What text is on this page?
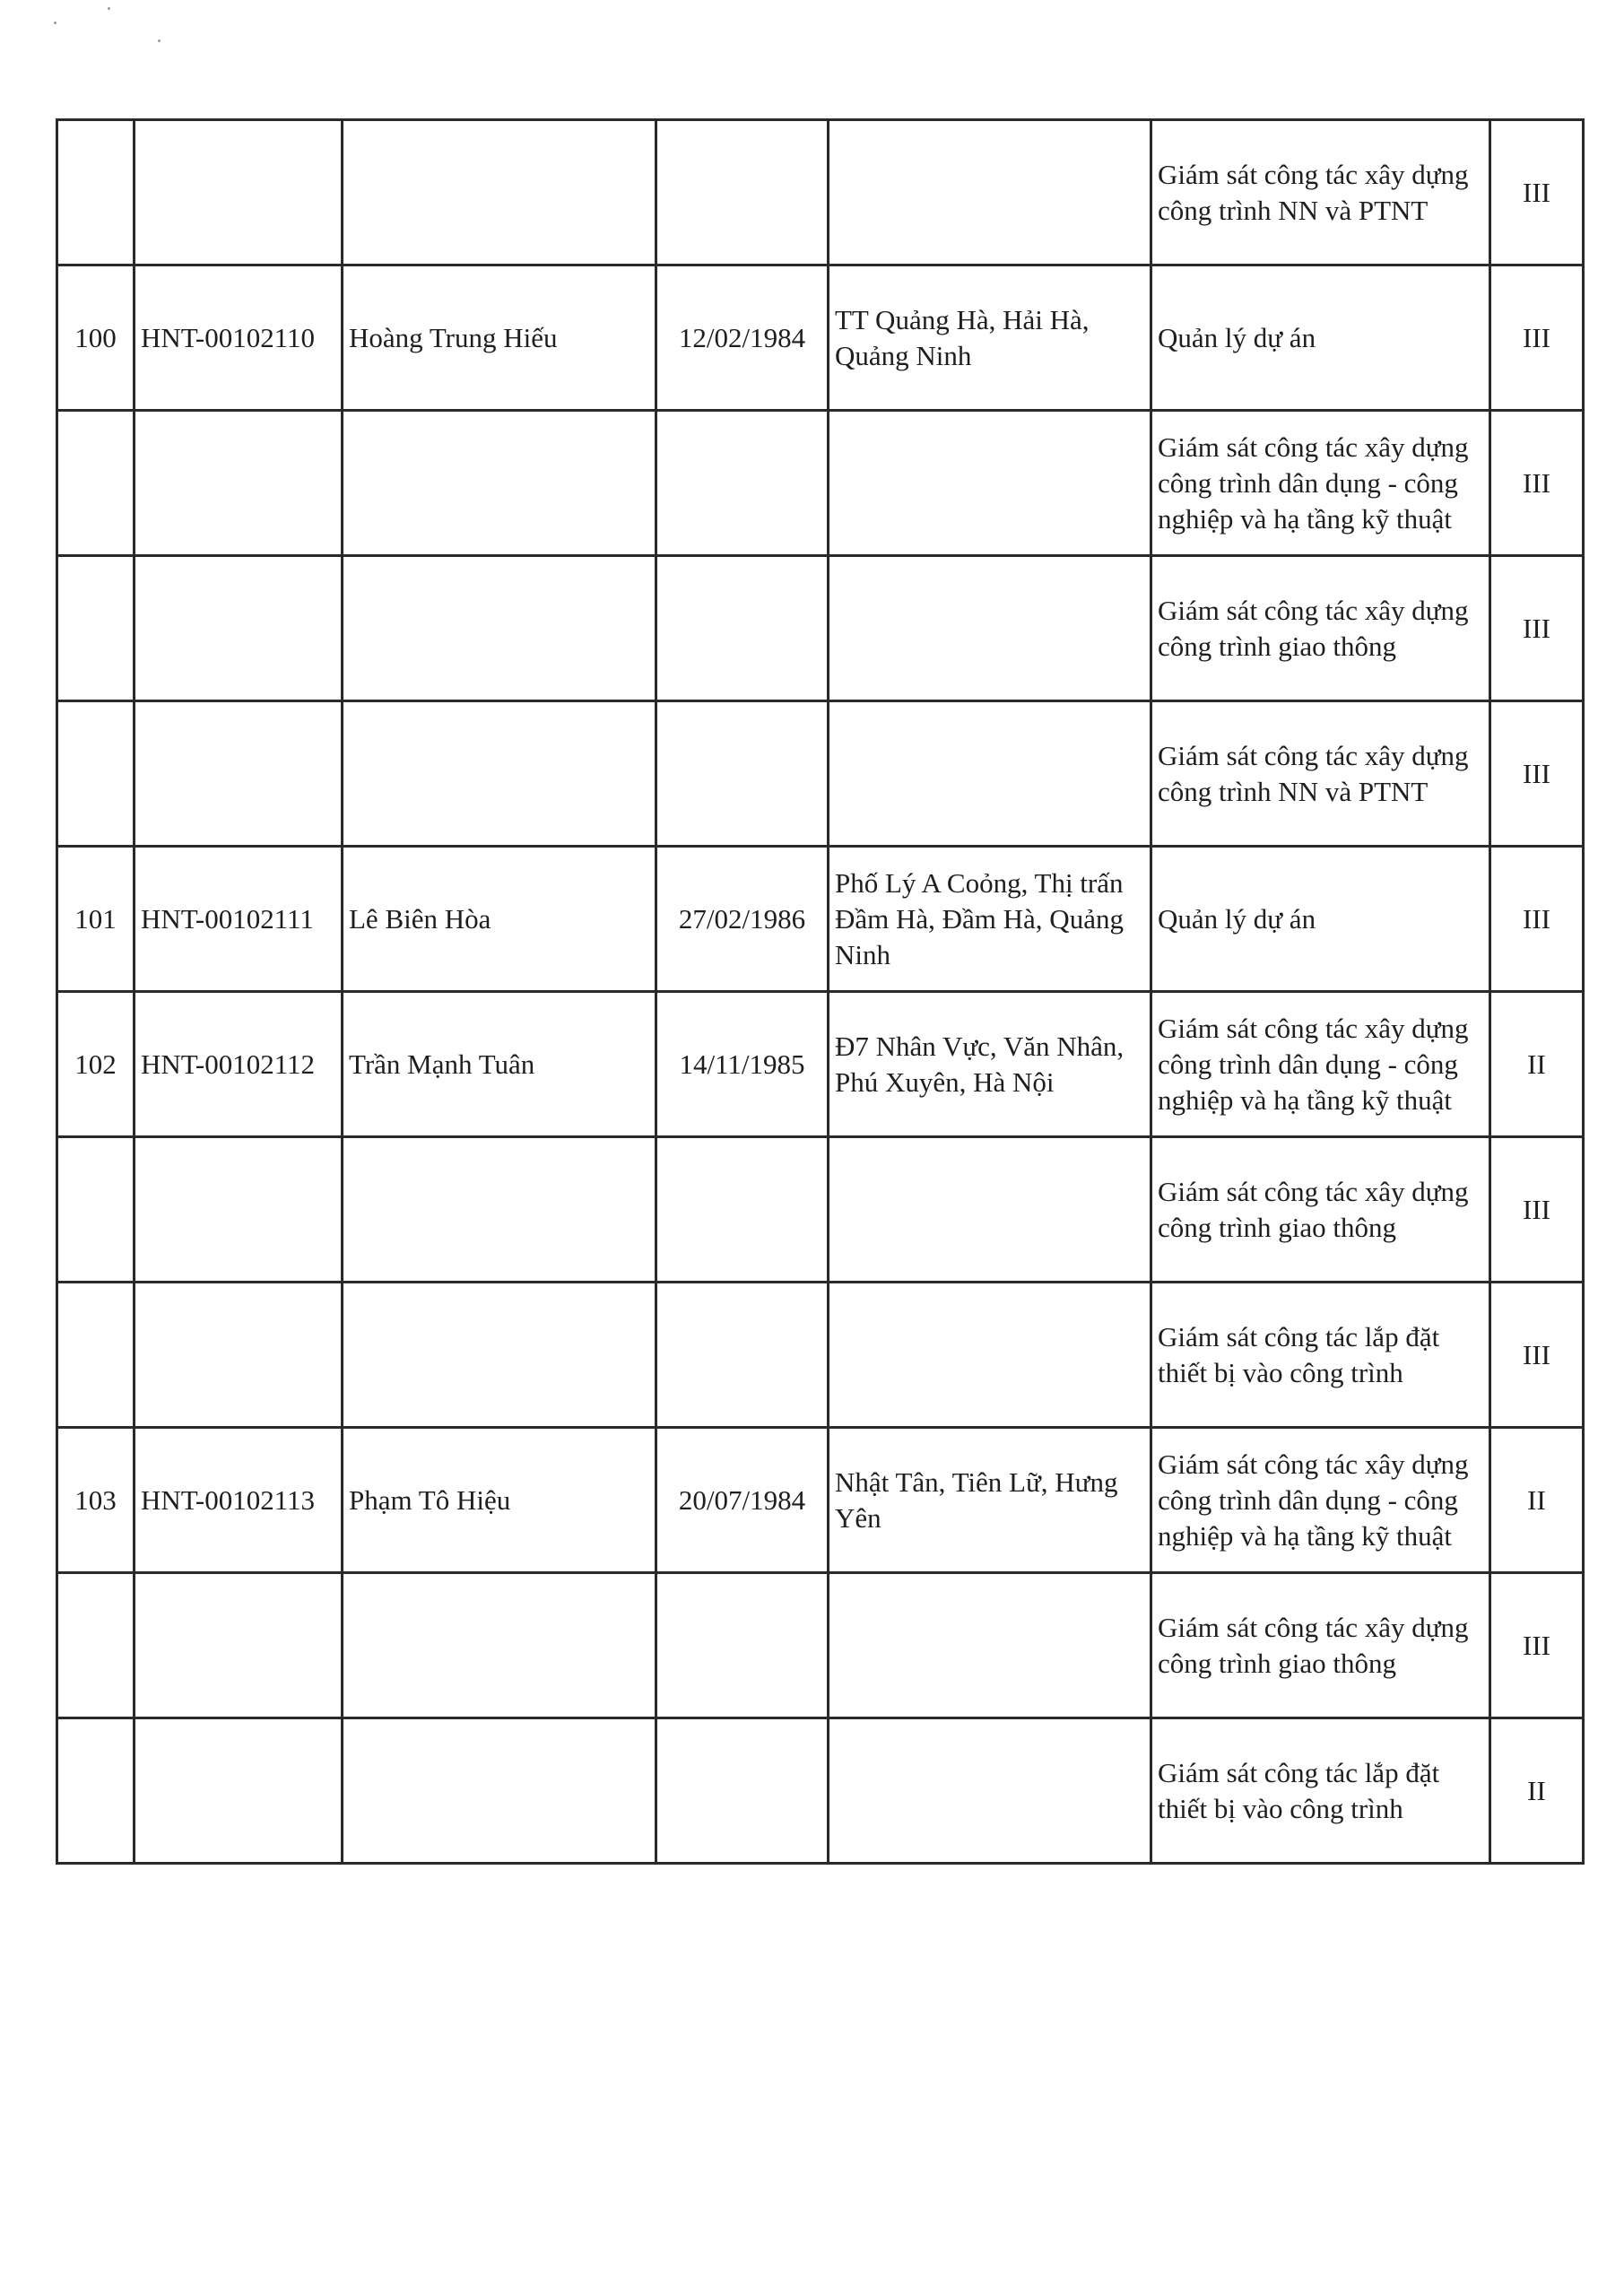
					Giám sát công tác xây dựng công trình NN và PTNT	III
100	HNT-00102110	Hoàng Trung Hiếu	12/02/1984	TT Quảng Hà, Hải Hà, Quảng Ninh	Quản lý dự án	III
					Giám sát công tác xây dựng công trình dân dụng - công nghiệp và hạ tầng kỹ thuật	III
					Giám sát công tác xây dựng công trình giao thông	III
					Giám sát công tác xây dựng công trình NN và PTNT	III
101	HNT-00102111	Lê Biên Hòa	27/02/1986	Phố Lý A Coỏng, Thị trấn Đầm Hà, Đầm Hà, Quảng Ninh	Quản lý dự án	III
102	HNT-00102112	Trần Mạnh Tuân	14/11/1985	Đ7 Nhân Vực, Văn Nhân, Phú Xuyên, Hà Nội	Giám sát công tác xây dựng công trình dân dụng - công nghiệp và hạ tầng kỹ thuật	II
					Giám sát công tác xây dựng công trình giao thông	III
					Giám sát công tác lắp đặt thiết bị vào công trình	III
103	HNT-00102113	Phạm Tô Hiệu	20/07/1984	Nhật Tân, Tiên Lữ, Hưng Yên	Giám sát công tác xây dựng công trình dân dụng - công nghiệp và hạ tầng kỹ thuật	II
					Giám sát công tác xây dựng công trình giao thông	III
					Giám sát công tác lắp đặt thiết bị vào công trình	II
